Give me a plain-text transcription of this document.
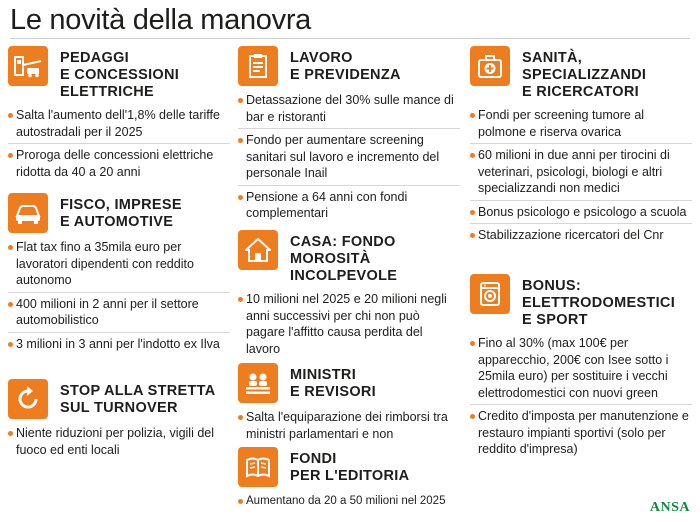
Le novità della manovra
PEDAGGI
E CONCESSIONI
ELETTRICHE
Salta l'aumento dell'1,8% delle tariffe autostradali per il 2025
Proroga delle concessioni elettriche ridotta da 40 a 20 anni
FISCO, IMPRESE
E AUTOMOTIVE
Flat tax fino a 35mila euro per lavoratori dipendenti con reddito autonomo
400 milioni in 2 anni per il settore automobilistico
3 milioni in 3 anni per l'indotto ex Ilva
STOP ALLA STRETTA
SUL TURNOVER
Niente riduzioni per polizia, vigili del fuoco ed enti locali
LAVORO
E PREVIDENZA
Detassazione del 30% sulle mance di bar e ristoranti
Fondo per aumentare screening sanitari sul lavoro e incremento del personale Inail
Pensione a 64 anni con fondi complementari
CASA: FONDO
MOROSITÀ
INCOLPEVOLE
10 milioni nel 2025 e 20 milioni negli anni successivi per chi non può pagare l'affitto causa perdita del lavoro
MINISTRI
E REVISORI
Salta l'equiparazione dei rimborsi tra ministri parlamentari e non
FONDI
PER L'EDITORIA
Aumentano da 20 a 50 milioni nel 2025
SANITÀ,
SPECIALIZZANDI
E RICERCATORI
Fondi per screening tumore al polmone e riserva ovarica
60 milioni in due anni per tirocini di veterinari, psicologi, biologi e altri specializzandi non medici
Bonus psicologo e psicologo a scuola
Stabilizzazione ricercatori del Cnr
BONUS:
ELETTRODOMESTICI
E SPORT
Fino al 30% (max 100€ per apparecchio, 200€ con Isee sotto i 25mila euro) per sostituire i vecchi elettrodomestici con nuovi green
Credito d'imposta per manutenzione e restauro impianti sportivi (solo per reddito d'impresa)
ANSA
